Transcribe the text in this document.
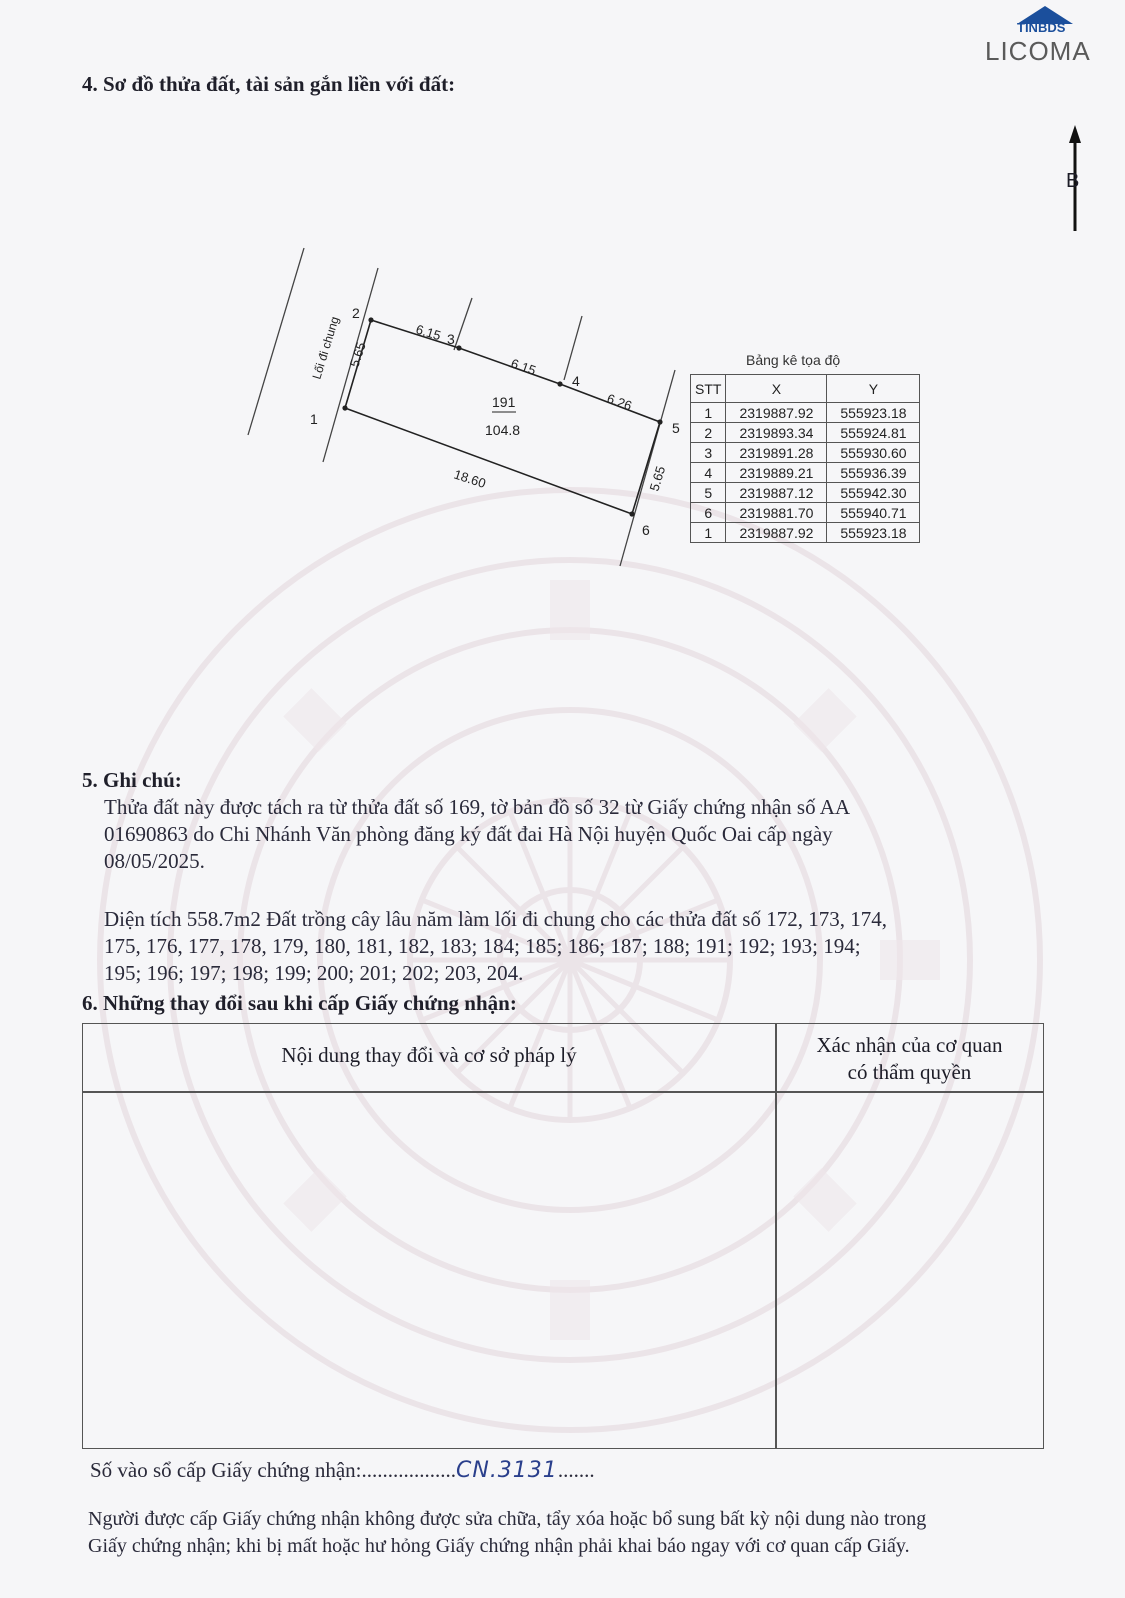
TINBDS
LICOMA
4. Sơ đồ thửa đất, tài sản gắn liền với đất:
B
1
2
3
4
5
6
6.15
6.15
6.26
5.65
18.60
5.65
191
104.8
Lối đi chung	Bảng kê tọa độ
STT	X	Y
1	2319887.92	555923.18
2	2319893.34	555924.81
3	2319891.28	555930.60
4	2319889.21	555936.39
5	2319887.12	555942.30
6	2319881.70	555940.71
1	2319887.92	555923.18
5. Ghi chú:
Thửa đất này được tách ra từ thửa đất số 169, tờ bản đồ số 32 từ Giấy chứng nhận số AA
01690863 do Chi Nhánh Văn phòng đăng ký đất đai Hà Nội huyện Quốc Oai cấp ngày
08/05/2025.
Diện tích 558.7m2 Đất trồng cây lâu năm làm lối đi chung cho các thửa đất số 172, 173, 174,
175, 176, 177, 178, 179, 180, 181, 182, 183; 184; 185; 186; 187; 188; 191; 192; 193; 194;
195; 196; 197; 198; 199; 200; 201; 202; 203, 204.
6. Những thay đổi sau khi cấp Giấy chứng nhận:
Nội dung thay đổi và cơ sở pháp lý	Xác nhận của cơ quan
có thẩm quyền
Số vào sổ cấp Giấy chứng nhận:..................CN.3131.......
Người được cấp Giấy chứng nhận không được sửa chữa, tẩy xóa hoặc bổ sung bất kỳ nội dung nào trong
Giấy chứng nhận; khi bị mất hoặc hư hỏng Giấy chứng nhận phải khai báo ngay với cơ quan cấp Giấy.
